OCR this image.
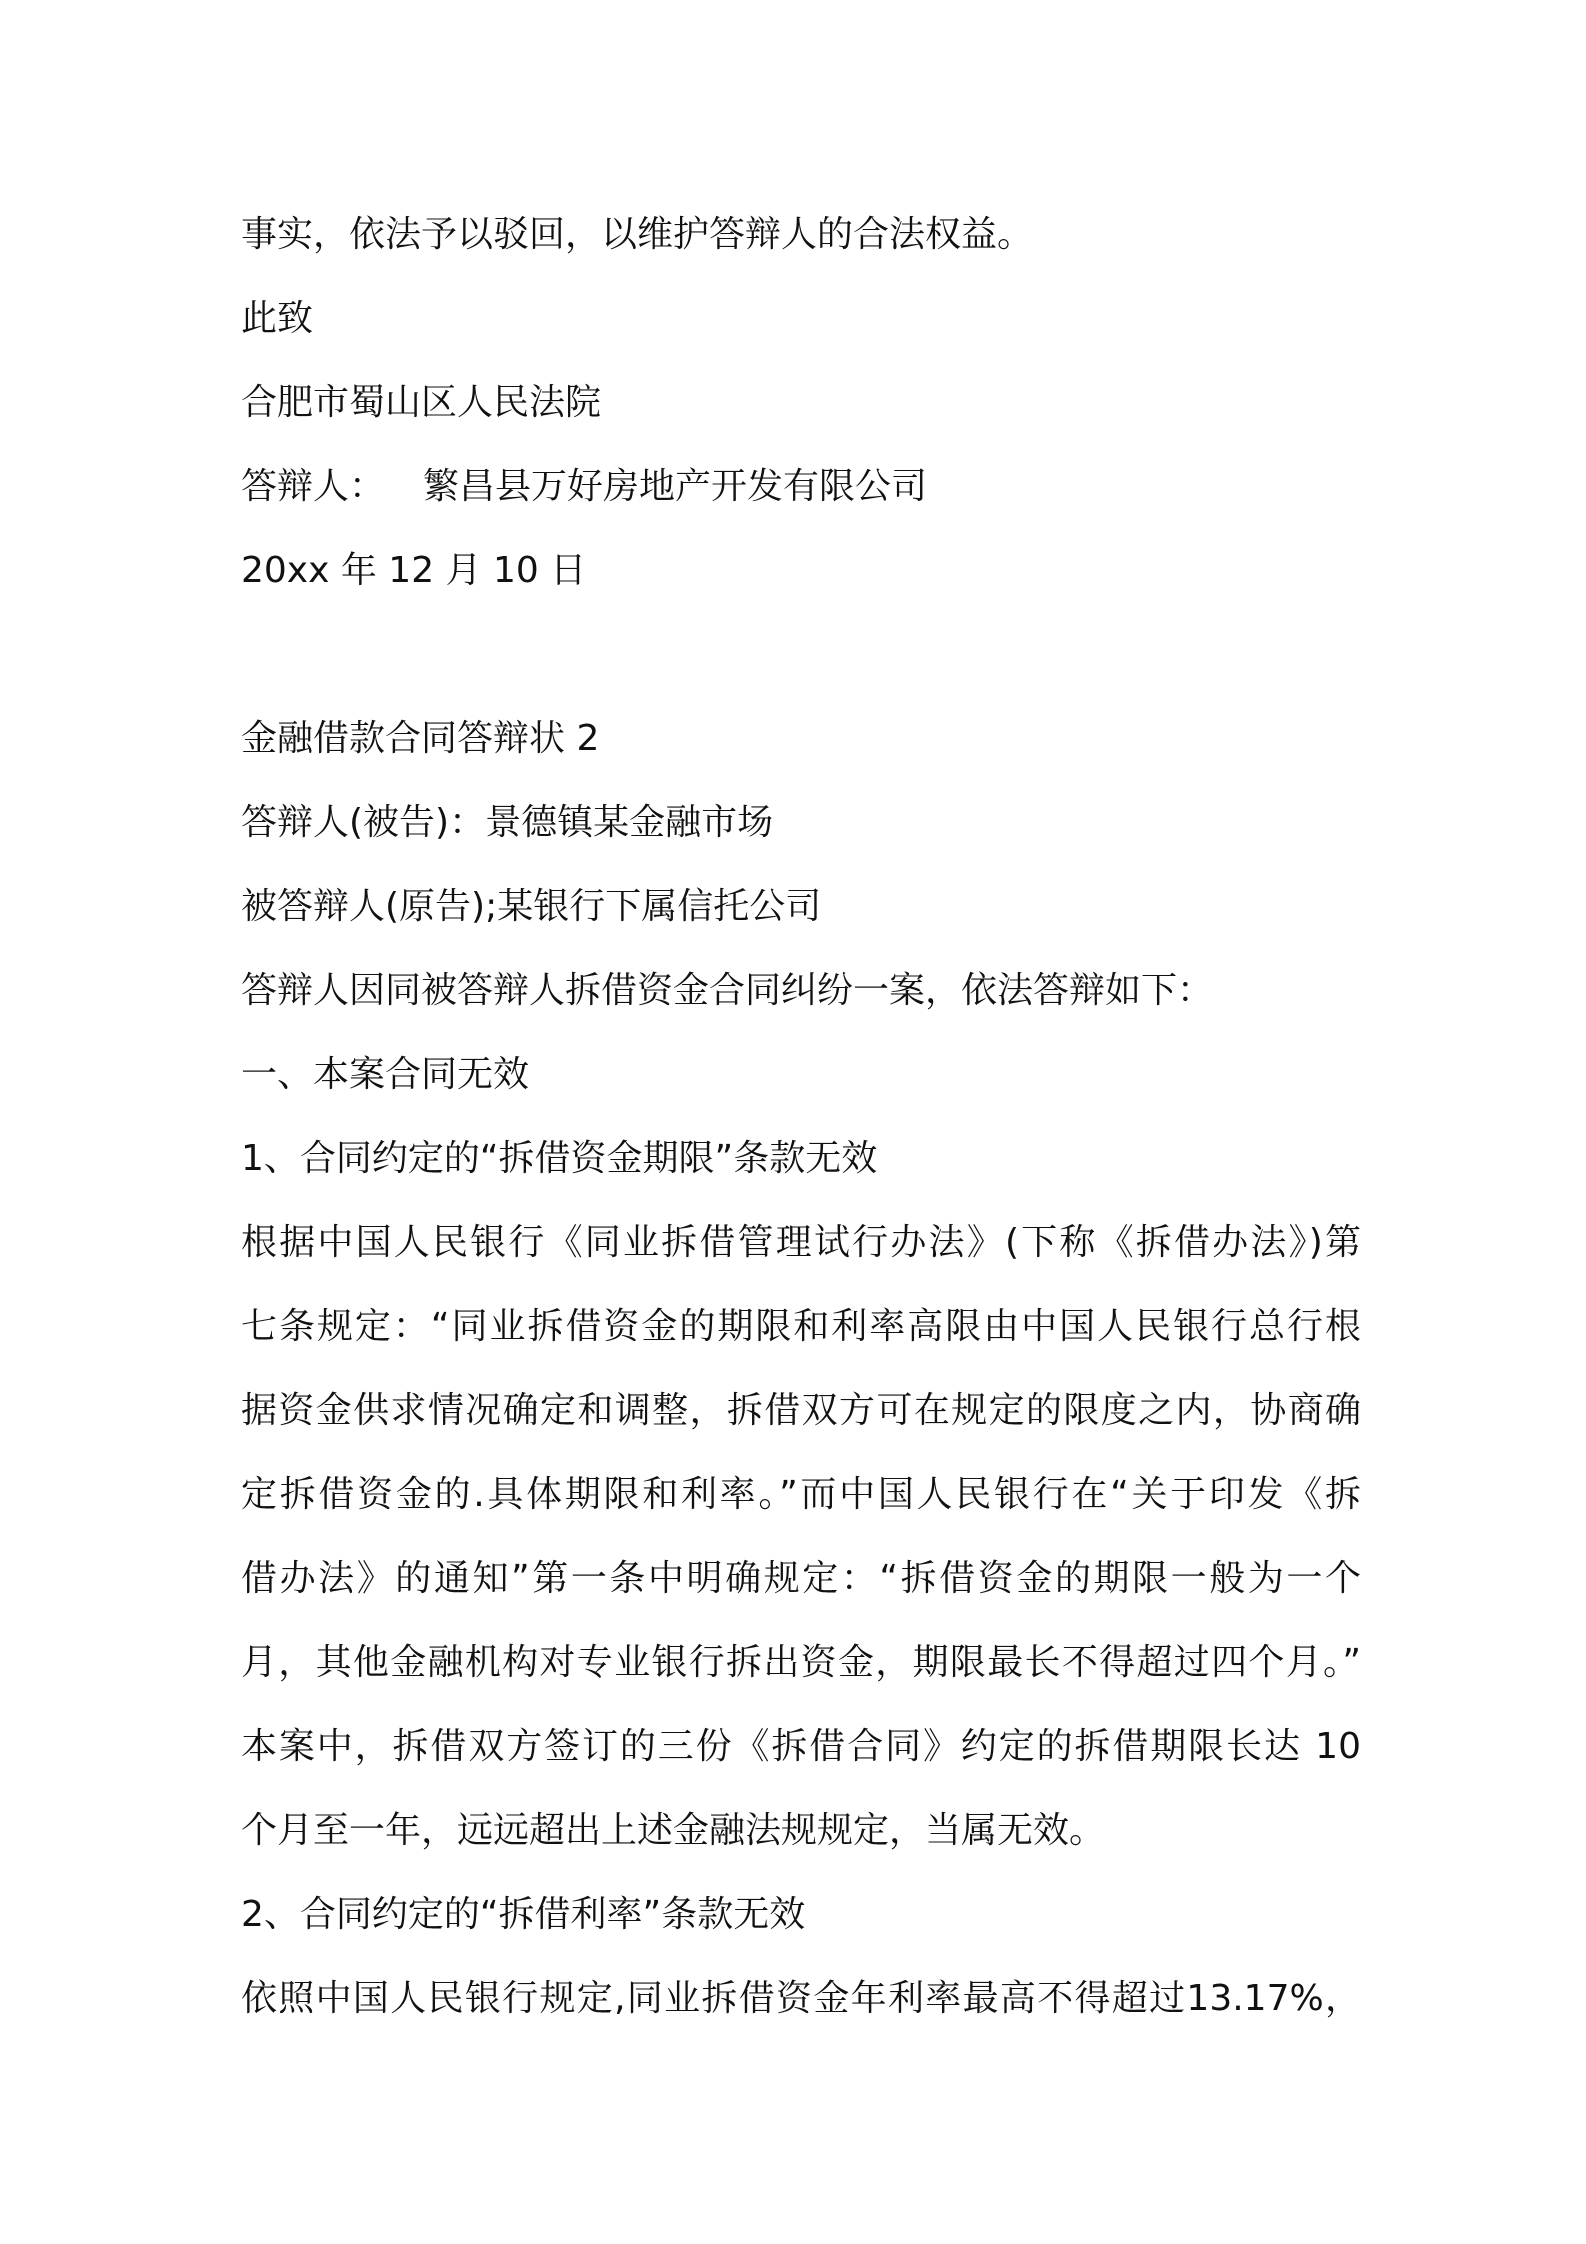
事实，依法予以驳回，以维护答辩人的合法权益。

此致

合肥市蜀山区人民法院

答辩人： 繁昌县万好房地产开发有限公司

20xx 年 12 月 10 日

金融借款合同答辩状 2

答辩人(被告)：景德镇某金融市场

被答辩人(原告);某银行下属信托公司

答辩人因同被答辩人拆借资金合同纠纷一案，依法答辩如下：

一、本案合同无效

1、合同约定的“拆借资金期限”条款无效

根据中国人民银行《同业拆借管理试行办法》(下称《拆借办法》)第

七条规定：“同业拆借资金的期限和利率高限由中国人民银行总行根

据资金供求情况确定和调整，拆借双方可在规定的限度之内，协商确

定拆借资金的.具体期限和利率。”而中国人民银行在“关于印发《拆

借办法》的通知”第一条中明确规定：“拆借资金的期限一般为一个

月，其他金融机构对专业银行拆出资金，期限最长不得超过四个月。”

本案中，拆借双方签订的三份《拆借合同》约定的拆借期限长达 10

个月至一年，远远超出上述金融法规规定，当属无效。

2、合同约定的“拆借利率”条款无效

依照中国人民银行规定,同业拆借资金年利率最高不得超过13.17%，
